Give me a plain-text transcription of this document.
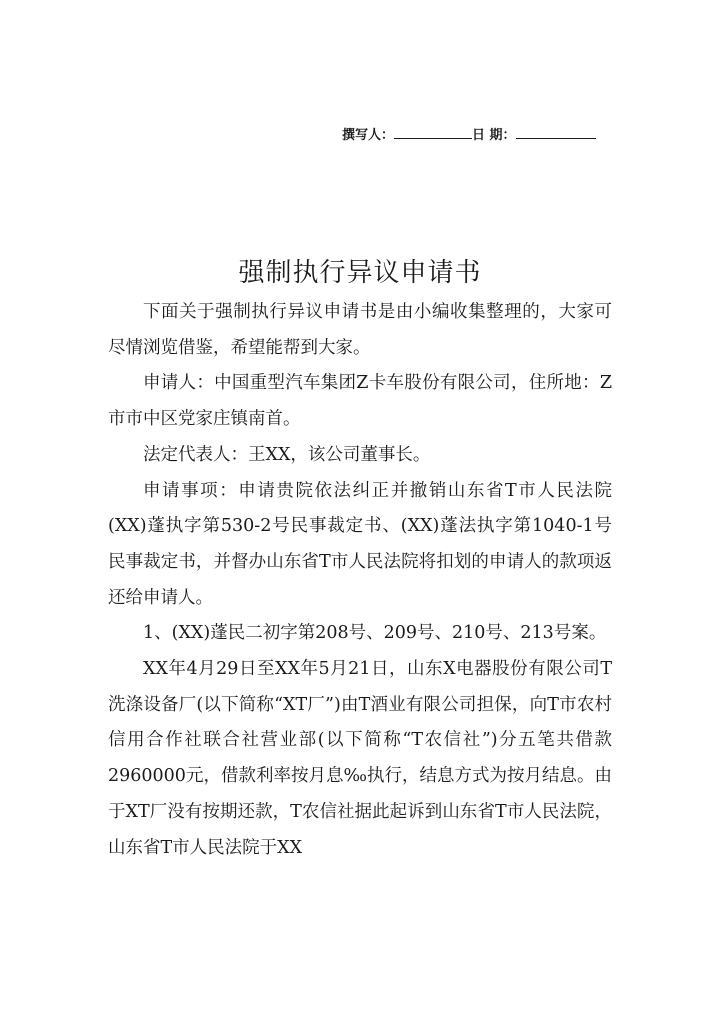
撰写人：	日 期：
强制执行异议申请书

下面关于强制执行异议申请书是由小编收集整理的，大家可尽情浏览借鉴，希望能帮到大家。

申请人：中国重型汽车集团Z卡车股份有限公司，住所地：Z市市中区党家庄镇南首。

法定代表人：王XX，该公司董事长。

申请事项：申请贵院依法纠正并撤销山东省T市人民法院(XX)蓬执字第530-2号民事裁定书、(XX)蓬法执字第1040-1号民事裁定书，并督办山东省T市人民法院将扣划的申请人的款项返还给申请人。

1、(XX)蓬民二初字第208号、209号、210号、213号案。

XX年4月29日至XX年5月21日，山东X电器股份有限公司T洗涤设备厂(以下简称“XT厂”)由T酒业有限公司担保，向T市农村信用合作社联合社营业部(以下简称“T农信社”)分五笔共借款2960000元，借款利率按月息‰执行，结息方式为按月结息。由于XT厂没有按期还款，T农信社据此起诉到山东省T市人民法院，山东省T市人民法院于XX
